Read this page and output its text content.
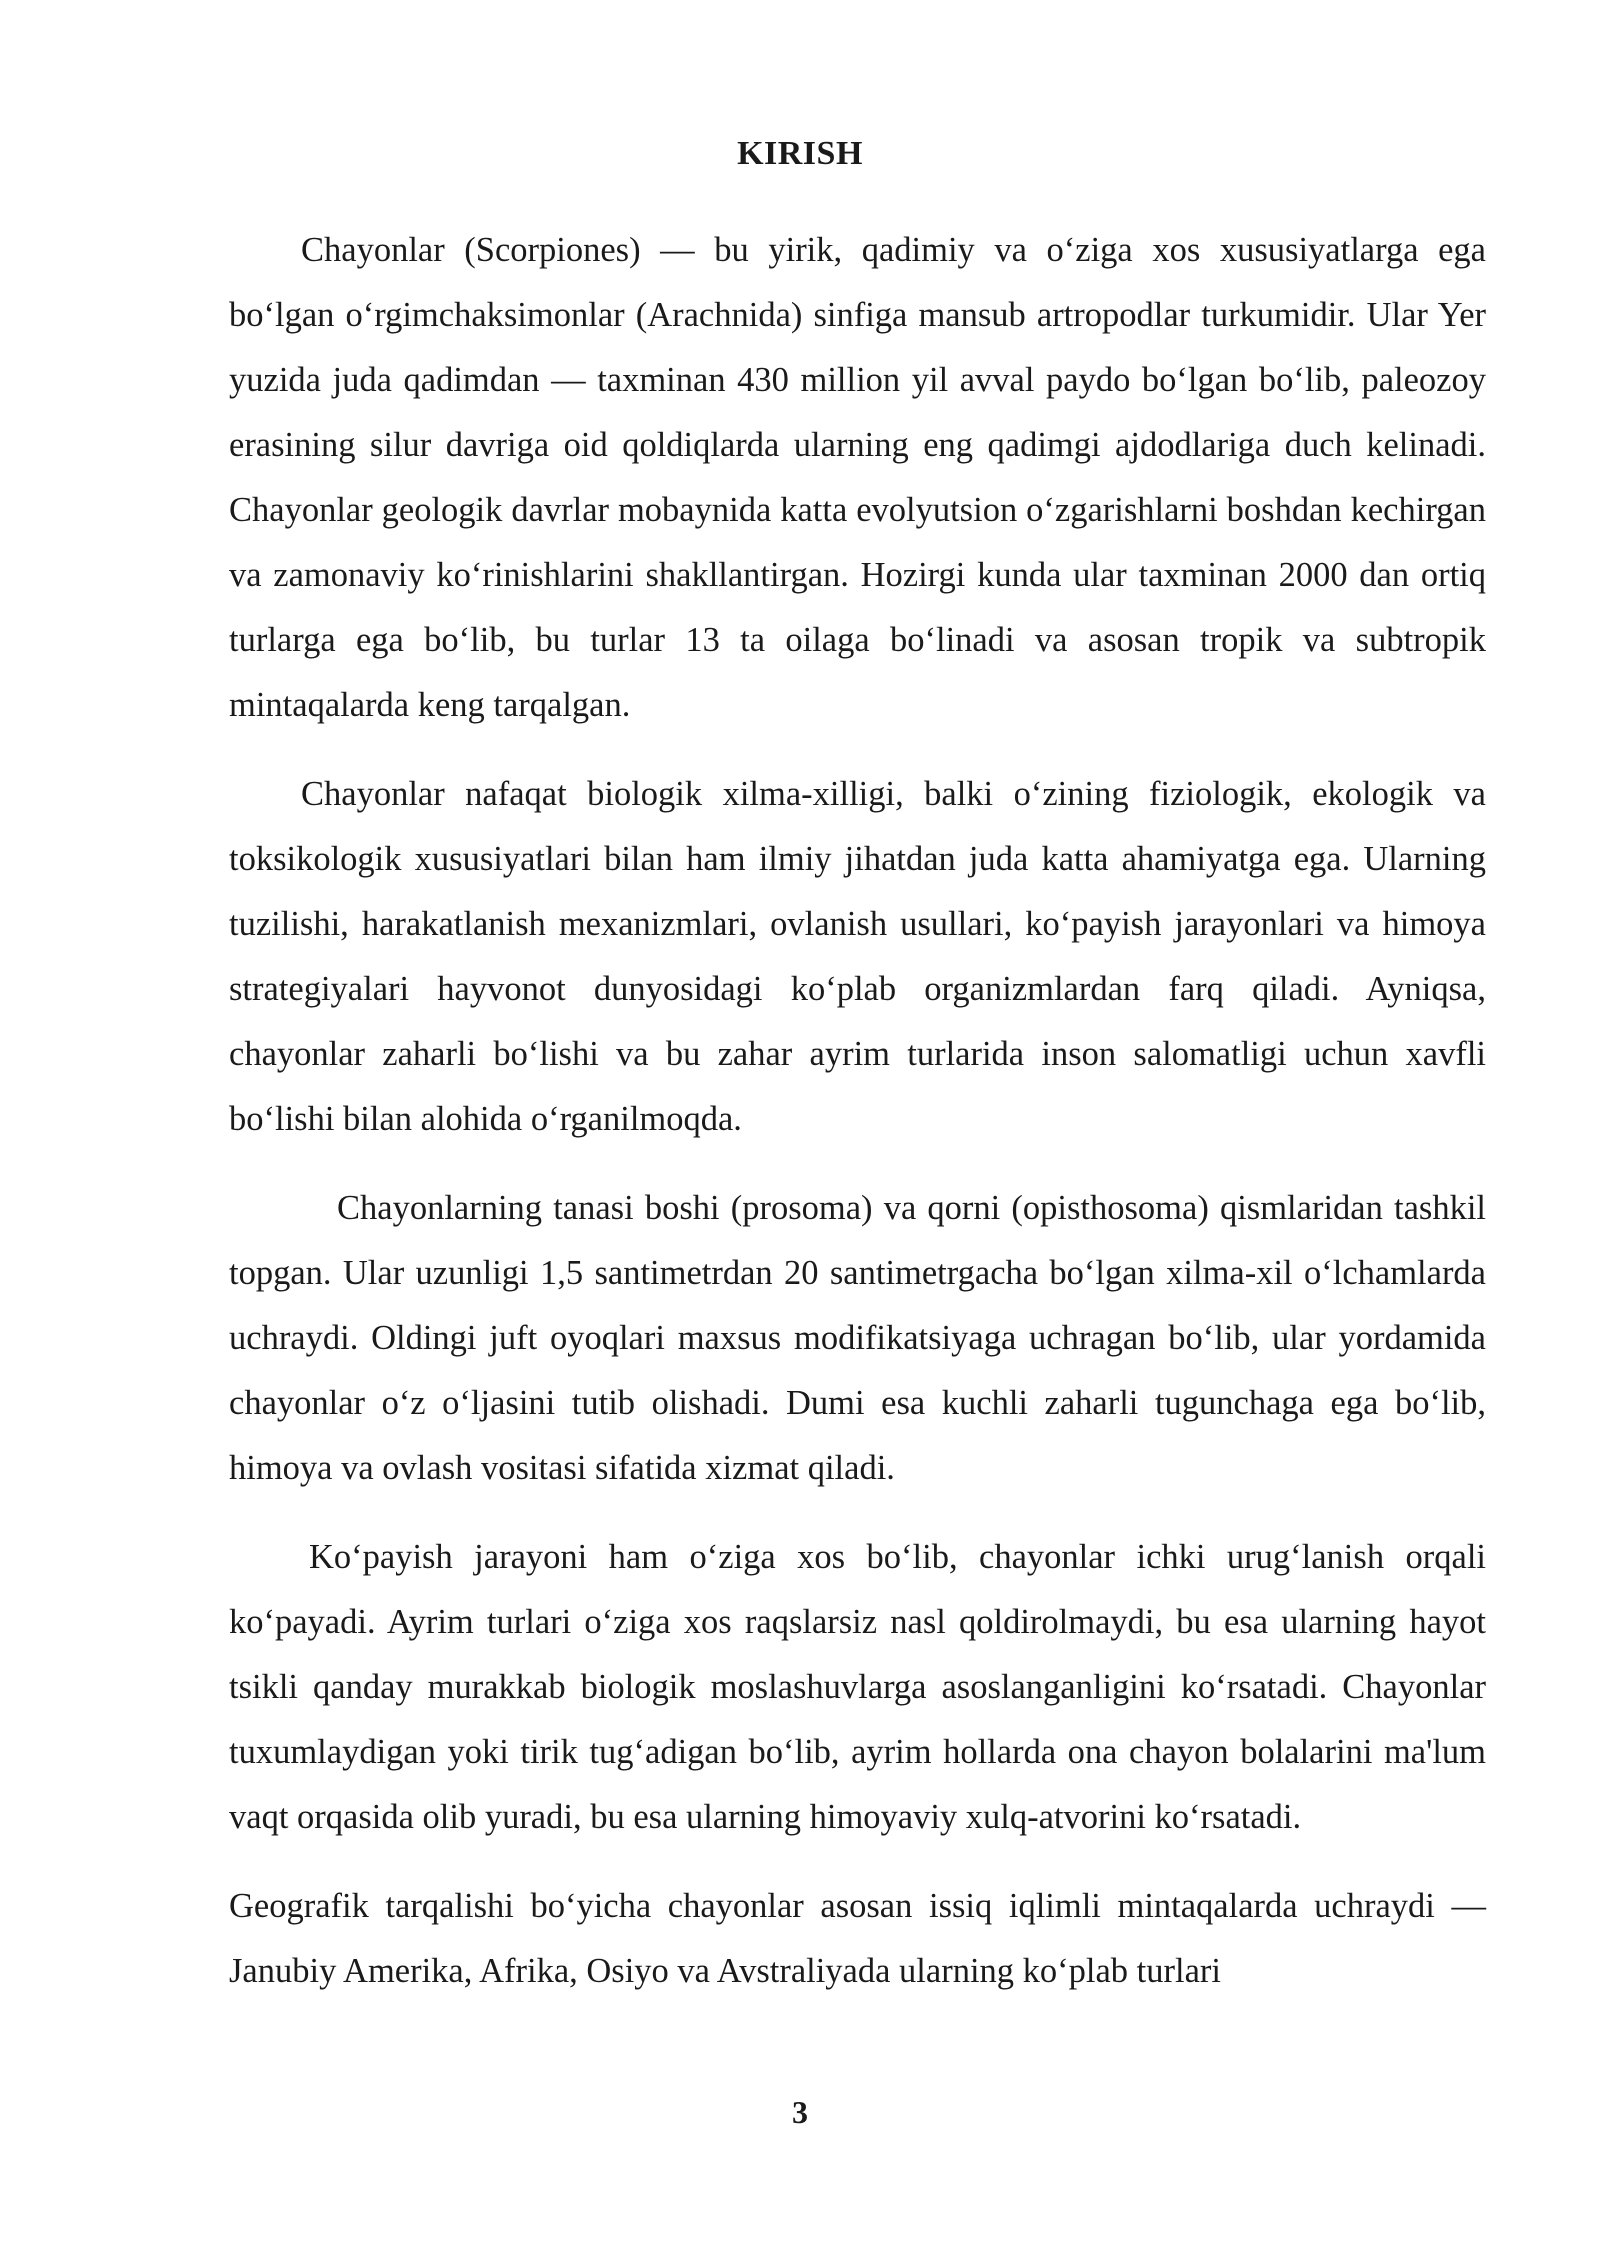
KIRISH

Chayonlar (Scorpiones) — bu yirik, qadimiy va o‘ziga xos xususiyatlarga ega bo‘lgan o‘rgimchaksimonlar (Arachnida) sinfiga mansub artropodlar turkumidir. Ular Yer yuzida juda qadimdan — taxminan 430 million yil avval paydo bo‘lgan bo‘lib, paleozoy erasining silur davriga oid qoldiqlarda ularning eng qadimgi ajdodlariga duch kelinadi. Chayonlar geologik davrlar mobaynida katta evolyutsion o‘zgarishlarni boshdan kechirgan va zamonaviy ko‘rinishlarini shakllantirgan. Hozirgi kunda ular taxminan 2000 dan ortiq turlarga ega bo‘lib, bu turlar 13 ta oilaga bo‘linadi va asosan tropik va subtropik mintaqalarda keng tarqalgan.

Chayonlar nafaqat biologik xilma-xilligi, balki o‘zining fiziologik, ekologik va toksikologik xususiyatlari bilan ham ilmiy jihatdan juda katta ahamiyatga ega. Ularning tuzilishi, harakatlanish mexanizmlari, ovlanish usullari, ko‘payish jarayonlari va himoya strategiyalari hayvonot dunyosidagi ko‘plab organizmlardan farq qiladi. Ayniqsa, chayonlar zaharli bo‘lishi va bu zahar ayrim turlarida inson salomatligi uchun xavfli bo‘lishi bilan alohida o‘rganilmoqda.

Chayonlarning tanasi boshi (prosoma) va qorni (opisthosoma) qismlaridan tashkil topgan. Ular uzunligi 1,5 santimetrdan 20 santimetrgacha bo‘lgan xilma-xil o‘lchamlarda uchraydi. Oldingi juft oyoqlari maxsus modifikatsiyaga uchragan bo‘lib, ular yordamida chayonlar o‘z o‘ljasini tutib olishadi. Dumi esa kuchli zaharli tugunchaga ega bo‘lib, himoya va ovlash vositasi sifatida xizmat qiladi.

Ko‘payish jarayoni ham o‘ziga xos bo‘lib, chayonlar ichki urug‘lanish orqali ko‘payadi. Ayrim turlari o‘ziga xos raqslarsiz nasl qoldirolmaydi, bu esa ularning hayot tsikli qanday murakkab biologik moslashuvlarga asoslanganligini ko‘rsatadi. Chayonlar tuxumlaydigan yoki tirik tug‘adigan bo‘lib, ayrim hollarda ona chayon bolalarini ma'lum vaqt orqasida olib yuradi, bu esa ularning himoyaviy xulq-atvorini ko‘rsatadi.

Geografik tarqalishi bo‘yicha chayonlar asosan issiq iqlimli mintaqalarda uchraydi — Janubiy Amerika, Afrika, Osiyo va Avstraliyada ularning ko‘plab turlari

3
